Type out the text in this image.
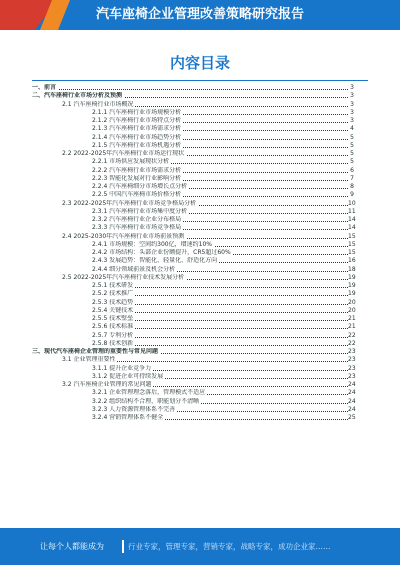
汽车座椅企业管理改善策略研究报告
内容目录
一、前言	3
二、汽车座椅行业市场分析及预测	3
2.1 汽车座椅行业市场概况	3
2.1.1 汽车座椅行业市场规模分析	3
2.1.2 汽车座椅行业市场特点分析	3
2.1.3 汽车座椅行业市场需求分析	4
2.1.4 汽车座椅行业市场趋势分析	5
2.1.5 汽车座椅行业市场机遇分析	5
2.2 2022-2025年汽车座椅行业市场运行现状	5
2.2.1 市场供应发展现状分析	5
2.2.2 汽车座椅行业市场需求分析	6
2.2.3 智能化发展对行业影响分析	7
2.2.4 汽车座椅细分市场增长点分析	8
2.2.5 中国汽车座椅市场价格分析	9
2.3 2022-2025年汽车座椅行业市场竞争格局分析	10
2.3.1 汽车座椅行业市场集中度分析	11
2.3.2 汽车座椅行业企业分布格局	14
2.3.3 汽车座椅行业市场竞争格局	14
2.4 2025-2030年汽车座椅行业市场前景预测	15
2.4.1 市场规模：空间约300亿，增速约10%	15
2.4.2 市场结构：头部企业份额提升，CR5超过60%	15
2.4.3 发展趋势：智能化、轻量化、舒适化方向	16
2.4.4 细分领域前景及机会分析	18
2.5 2022-2025年汽车座椅行业技术发展分析	19
2.5.1 技术研发	19
2.5.2 技术推广	19
2.5.3 技术趋势	20
2.5.4 关键技术	20
2.5.5 技术壁垒	21
2.5.6 技术标准	21
2.5.7 专利分析	22
2.5.8 技术创新	22
三、现代汽车座椅企业管理的重要性与常见问题	23
3.1 企业管理重要性	23
3.1.1 提升企业竞争力	23
3.1.2 促进企业可持续发展	23
3.2 汽车座椅企业管理的常见问题	24
3.2.1 企业管理理念落后，管理模式不适应	24
3.2.2 组织结构不合理，职能划分不清晰	24
3.2.3 人力资源管理体系不完善	24
3.2.4 营销管理体系不健全	25
让每个人都能成为	行业专家，管理专家，营销专家，战略专家，成功企业家……
